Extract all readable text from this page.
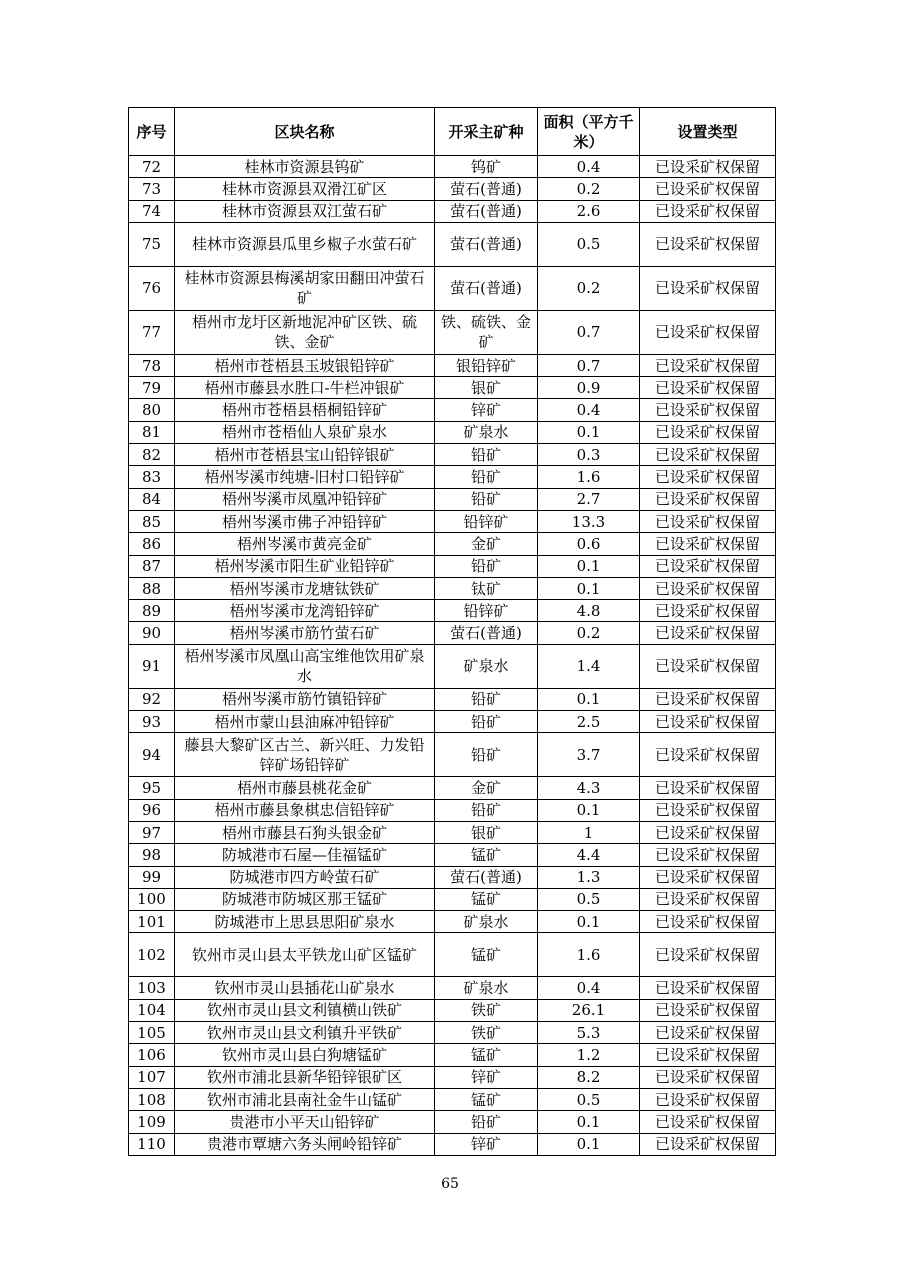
序号	区块名称	开采主矿种	面积（平方千米）	设置类型
72	桂林市资源县钨矿	钨矿	0.4	已设采矿权保留
73	桂林市资源县双滑江矿区	萤石(普通)	0.2	已设采矿权保留
74	桂林市资源县双江萤石矿	萤石(普通)	2.6	已设采矿权保留
75	桂林市资源县瓜里乡椒子水萤石矿	萤石(普通)	0.5	已设采矿权保留
76	桂林市资源县梅溪胡家田翻田冲萤石矿	萤石(普通)	0.2	已设采矿权保留
77	梧州市龙圩区新地泥冲矿区铁、硫铁、金矿	铁、硫铁、金矿	0.7	已设采矿权保留
78	梧州市苍梧县玉坡银铅锌矿	银铅锌矿	0.7	已设采矿权保留
79	梧州市藤县水胜口-牛栏冲银矿	银矿	0.9	已设采矿权保留
80	梧州市苍梧县梧桐铅锌矿	锌矿	0.4	已设采矿权保留
81	梧州市苍梧仙人泉矿泉水	矿泉水	0.1	已设采矿权保留
82	梧州市苍梧县宝山铅锌银矿	铅矿	0.3	已设采矿权保留
83	梧州岑溪市纯塘-旧村口铅锌矿	铅矿	1.6	已设采矿权保留
84	梧州岑溪市凤凰冲铅锌矿	铅矿	2.7	已设采矿权保留
85	梧州岑溪市佛子冲铅锌矿	铅锌矿	13.3	已设采矿权保留
86	梧州岑溪市黄亮金矿	金矿	0.6	已设采矿权保留
87	梧州岑溪市阳生矿业铅锌矿	铅矿	0.1	已设采矿权保留
88	梧州岑溪市龙塘钛铁矿	钛矿	0.1	已设采矿权保留
89	梧州岑溪市龙湾铅锌矿	铅锌矿	4.8	已设采矿权保留
90	梧州岑溪市筋竹萤石矿	萤石(普通)	0.2	已设采矿权保留
91	梧州岑溪市凤凰山高宝维他饮用矿泉水	矿泉水	1.4	已设采矿权保留
92	梧州岑溪市筋竹镇铅锌矿	铅矿	0.1	已设采矿权保留
93	梧州市蒙山县油麻冲铅锌矿	铅矿	2.5	已设采矿权保留
94	藤县大黎矿区古兰、新兴旺、力发铅锌矿场铅锌矿	铅矿	3.7	已设采矿权保留
95	梧州市藤县桃花金矿	金矿	4.3	已设采矿权保留
96	梧州市藤县象棋忠信铅锌矿	铅矿	0.1	已设采矿权保留
97	梧州市藤县石狗头银金矿	银矿	1	已设采矿权保留
98	防城港市石屋—佳福锰矿	锰矿	4.4	已设采矿权保留
99	防城港市四方岭萤石矿	萤石(普通)	1.3	已设采矿权保留
100	防城港市防城区那王锰矿	锰矿	0.5	已设采矿权保留
101	防城港市上思县思阳矿泉水	矿泉水	0.1	已设采矿权保留
102	钦州市灵山县太平铁龙山矿区锰矿	锰矿	1.6	已设采矿权保留
103	钦州市灵山县插花山矿泉水	矿泉水	0.4	已设采矿权保留
104	钦州市灵山县文利镇横山铁矿	铁矿	26.1	已设采矿权保留
105	钦州市灵山县文利镇升平铁矿	铁矿	5.3	已设采矿权保留
106	钦州市灵山县白狗塘锰矿	锰矿	1.2	已设采矿权保留
107	钦州市浦北县新华铅锌银矿区	锌矿	8.2	已设采矿权保留
108	钦州市浦北县南社金牛山锰矿	锰矿	0.5	已设采矿权保留
109	贵港市小平天山铅锌矿	铅矿	0.1	已设采矿权保留
110	贵港市覃塘六务头闸岭铅锌矿	锌矿	0.1	已设采矿权保留
65
